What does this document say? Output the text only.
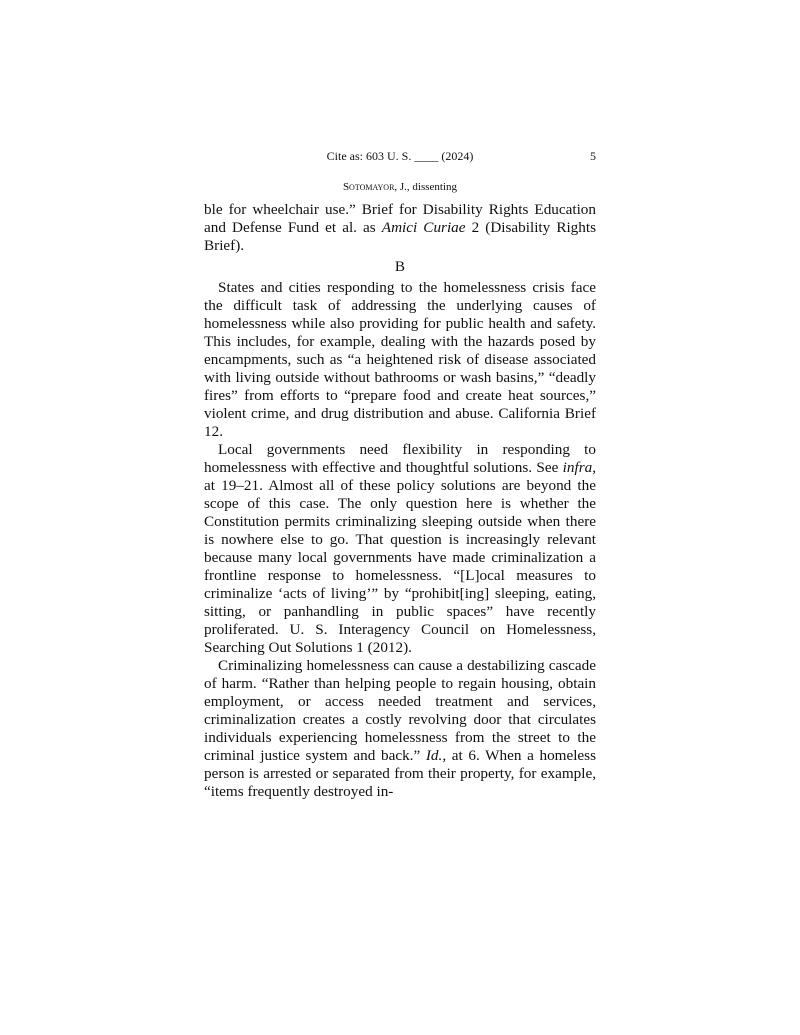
Cite as: 603 U. S. ____ (2024)	5
Sotomayor, J., dissenting

ble for wheelchair use.” Brief for Disability Rights Education and Defense Fund et al. as Amici Curiae 2 (Disability Rights Brief).

B

States and cities responding to the homelessness crisis face the difficult task of addressing the underlying causes of homelessness while also providing for public health and safety. This includes, for example, dealing with the hazards posed by encampments, such as “a heightened risk of disease associated with living outside without bathrooms or wash basins,” “deadly fires” from efforts to “prepare food and create heat sources,” violent crime, and drug distribution and abuse. California Brief 12.

Local governments need flexibility in responding to homelessness with effective and thoughtful solutions. See infra, at 19–21. Almost all of these policy solutions are beyond the scope of this case. The only question here is whether the Constitution permits criminalizing sleeping outside when there is nowhere else to go. That question is increasingly relevant because many local governments have made criminalization a frontline response to homelessness. “[L]ocal measures to criminalize ‘acts of living’” by “prohibit[ing] sleeping, eating, sitting, or panhandling in public spaces” have recently proliferated. U. S. Interagency Council on Homelessness, Searching Out Solutions 1 (2012).

Criminalizing homelessness can cause a destabilizing cascade of harm. “Rather than helping people to regain housing, obtain employment, or access needed treatment and services, criminalization creates a costly revolving door that circulates individuals experiencing homelessness from the street to the criminal justice system and back.” Id., at 6. When a homeless person is arrested or separated from their property, for example, “items frequently destroyed in-
